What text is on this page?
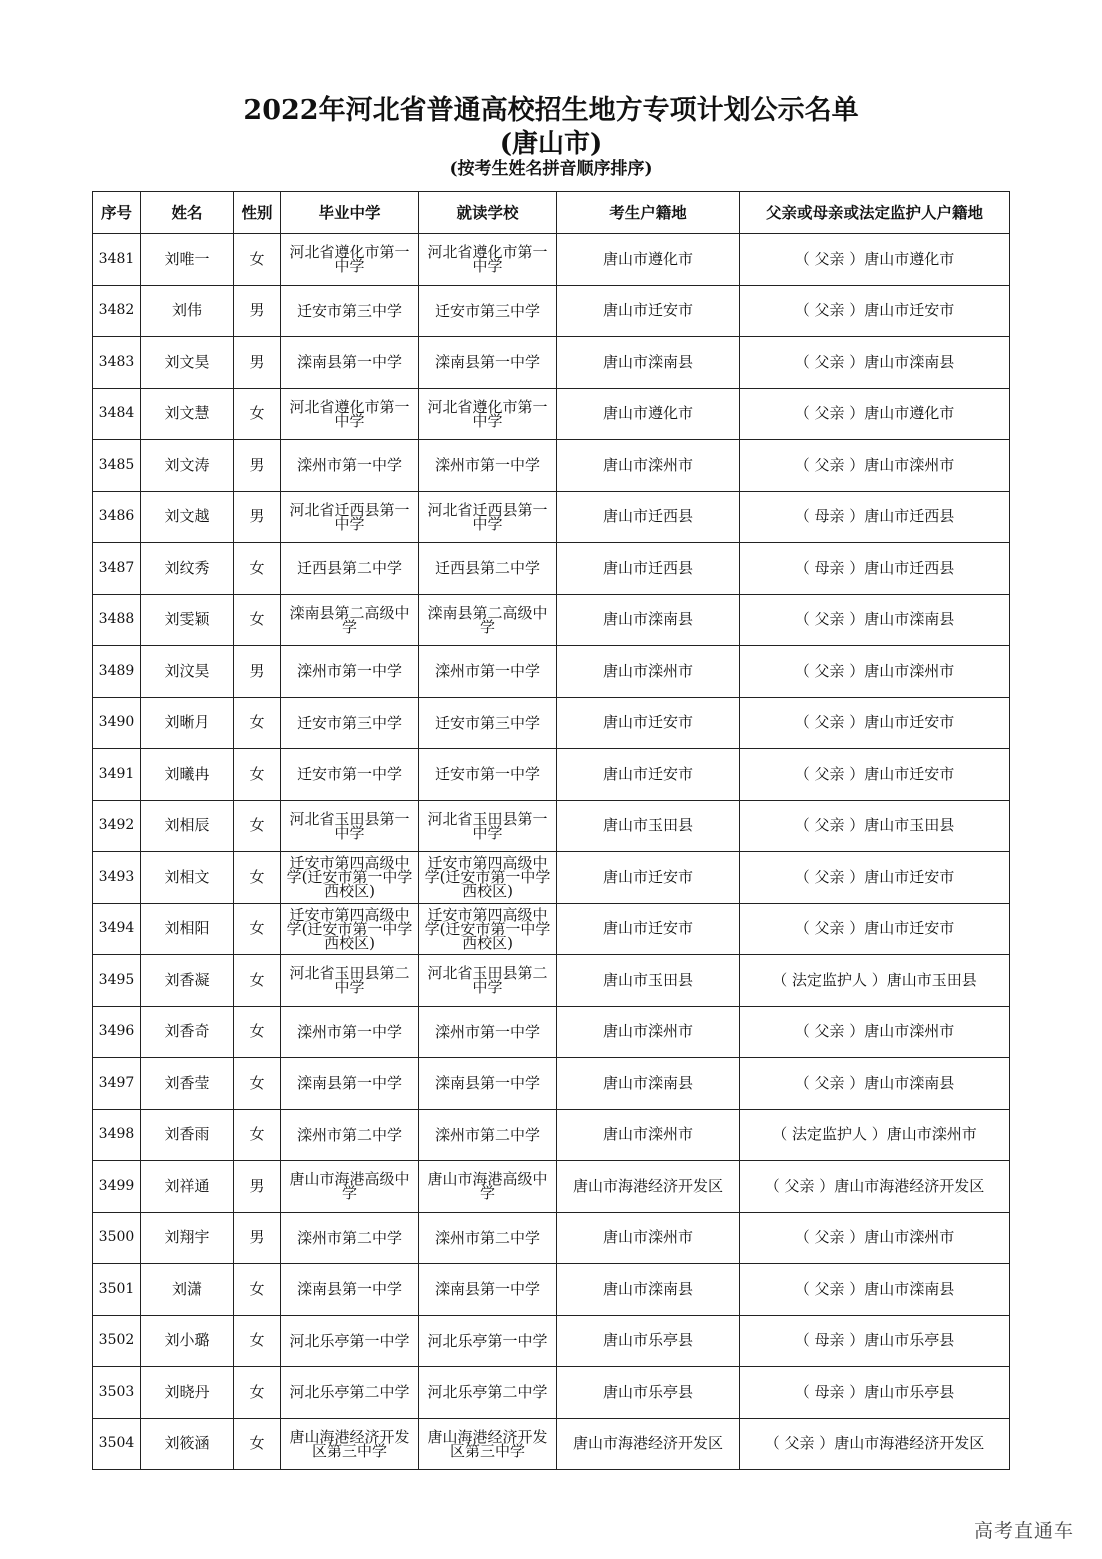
2022年河北省普通高校招生地方专项计划公示名单
(唐山市)
(按考生姓名拼音顺序排序)
序号	姓名	性别	毕业中学	就读学校	考生户籍地	父亲或母亲或法定监护人户籍地
3481	刘唯一	女	河北省遵化市第一中学	河北省遵化市第一中学	唐山市遵化市	（ 父亲 ）唐山市遵化市
3482	刘伟	男	迁安市第三中学	迁安市第三中学	唐山市迁安市	（ 父亲 ）唐山市迁安市
3483	刘文昊	男	滦南县第一中学	滦南县第一中学	唐山市滦南县	（ 父亲 ）唐山市滦南县
3484	刘文慧	女	河北省遵化市第一中学	河北省遵化市第一中学	唐山市遵化市	（ 父亲 ）唐山市遵化市
3485	刘文涛	男	滦州市第一中学	滦州市第一中学	唐山市滦州市	（ 父亲 ）唐山市滦州市
3486	刘文越	男	河北省迁西县第一中学	河北省迁西县第一中学	唐山市迁西县	（ 母亲 ）唐山市迁西县
3487	刘纹秀	女	迁西县第二中学	迁西县第二中学	唐山市迁西县	（ 母亲 ）唐山市迁西县
3488	刘雯颖	女	滦南县第二高级中学	滦南县第二高级中学	唐山市滦南县	（ 父亲 ）唐山市滦南县
3489	刘汶昊	男	滦州市第一中学	滦州市第一中学	唐山市滦州市	（ 父亲 ）唐山市滦州市
3490	刘晰月	女	迁安市第三中学	迁安市第三中学	唐山市迁安市	（ 父亲 ）唐山市迁安市
3491	刘曦冉	女	迁安市第一中学	迁安市第一中学	唐山市迁安市	（ 父亲 ）唐山市迁安市
3492	刘相辰	女	河北省玉田县第一中学	河北省玉田县第一中学	唐山市玉田县	（ 父亲 ）唐山市玉田县
3493	刘相文	女	迁安市第四高级中学(迁安市第一中学西校区)	迁安市第四高级中学(迁安市第一中学西校区)	唐山市迁安市	（ 父亲 ）唐山市迁安市
3494	刘相阳	女	迁安市第四高级中学(迁安市第一中学西校区)	迁安市第四高级中学(迁安市第一中学西校区)	唐山市迁安市	（ 父亲 ）唐山市迁安市
3495	刘香凝	女	河北省玉田县第二中学	河北省玉田县第二中学	唐山市玉田县	（ 法定监护人 ）唐山市玉田县
3496	刘香奇	女	滦州市第一中学	滦州市第一中学	唐山市滦州市	（ 父亲 ）唐山市滦州市
3497	刘香莹	女	滦南县第一中学	滦南县第一中学	唐山市滦南县	（ 父亲 ）唐山市滦南县
3498	刘香雨	女	滦州市第二中学	滦州市第二中学	唐山市滦州市	（ 法定监护人 ）唐山市滦州市
3499	刘祥通	男	唐山市海港高级中学	唐山市海港高级中学	唐山市海港经济开发区	（ 父亲 ）唐山市海港经济开发区
3500	刘翔宇	男	滦州市第二中学	滦州市第二中学	唐山市滦州市	（ 父亲 ）唐山市滦州市
3501	刘潇	女	滦南县第一中学	滦南县第一中学	唐山市滦南县	（ 父亲 ）唐山市滦南县
3502	刘小璐	女	河北乐亭第一中学	河北乐亭第一中学	唐山市乐亭县	（ 母亲 ）唐山市乐亭县
3503	刘晓丹	女	河北乐亭第二中学	河北乐亭第二中学	唐山市乐亭县	（ 母亲 ）唐山市乐亭县
3504	刘筱涵	女	唐山海港经济开发区第三中学	唐山海港经济开发区第三中学	唐山市海港经济开发区	（ 父亲 ）唐山市海港经济开发区
高考直通车
